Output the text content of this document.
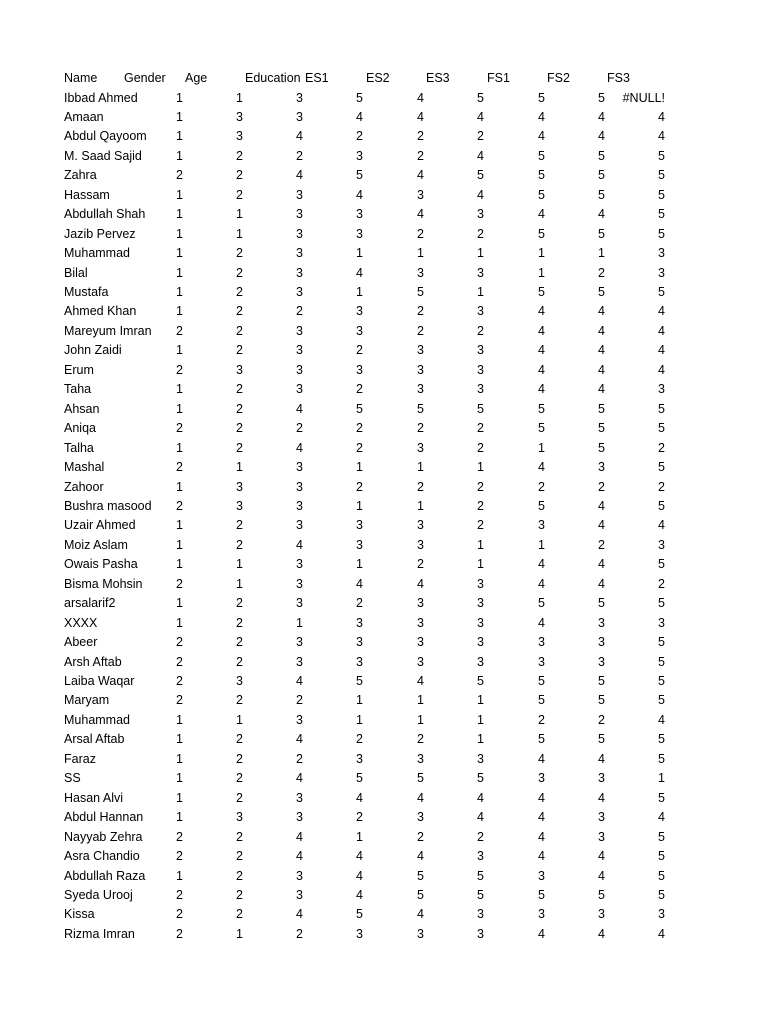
Name	Gender	Age	Education ES1	ES2	ES3	FS1	FS2	FS3
Ibbad Ahmed	1	1	3	5	4	5	5	5	#NULL!
Amaan	1	3	3	4	4	4	4	4	4
Abdul Qayoom	1	3	4	2	2	2	4	4	4
M. Saad Sajid	1	2	2	3	2	4	5	5	5
Zahra	2	2	4	5	4	5	5	5	5
Hassam	1	2	3	4	3	4	5	5	5
Abdullah Shah	1	1	3	3	4	3	4	4	5
Jazib Pervez	1	1	3	3	2	2	5	5	5
Muhammad	1	2	3	1	1	1	1	1	3
Bilal	1	2	3	4	3	3	1	2	3
Mustafa	1	2	3	1	5	1	5	5	5
Ahmed Khan	1	2	2	3	2	3	4	4	4
Mareyum Imran	2	2	3	3	2	2	4	4	4
John Zaidi	1	2	3	2	3	3	4	4	4
Erum	2	3	3	3	3	3	4	4	4
Taha	1	2	3	2	3	3	4	4	3
Ahsan	1	2	4	5	5	5	5	5	5
Aniqa	2	2	2	2	2	2	5	5	5
Talha	1	2	4	2	3	2	1	5	2
Mashal	2	1	3	1	1	1	4	3	5
Zahoor	1	3	3	2	2	2	2	2	2
Bushra masood	2	3	3	1	1	2	5	4	5
Uzair Ahmed	1	2	3	3	3	2	3	4	4
Moiz Aslam	1	2	4	3	3	1	1	2	3
Owais Pasha	1	1	3	1	2	1	4	4	5
Bisma Mohsin	2	1	3	4	4	3	4	4	2
arsalarif2	1	2	3	2	3	3	5	5	5
XXXX	1	2	1	3	3	3	4	3	3
Abeer	2	2	3	3	3	3	3	3	5
Arsh Aftab	2	2	3	3	3	3	3	3	5
Laiba Waqar	2	3	4	5	4	5	5	5	5
Maryam	2	2	2	1	1	1	5	5	5
Muhammad	1	1	3	1	1	1	2	2	4
Arsal Aftab	1	2	4	2	2	1	5	5	5
Faraz	1	2	2	3	3	3	4	4	5
SS	1	2	4	5	5	5	3	3	1
Hasan Alvi	1	2	3	4	4	4	4	4	5
Abdul Hannan	1	3	3	2	3	4	4	3	4
Nayyab Zehra	2	2	4	1	2	2	4	3	5
Asra Chandio	2	2	4	4	4	3	4	4	5
Abdullah Raza	1	2	3	4	5	5	3	4	5
Syeda Urooj	2	2	3	4	5	5	5	5	5
Kissa	2	2	4	5	4	3	3	3	3
Rizma Imran	2	1	2	3	3	3	4	4	4
